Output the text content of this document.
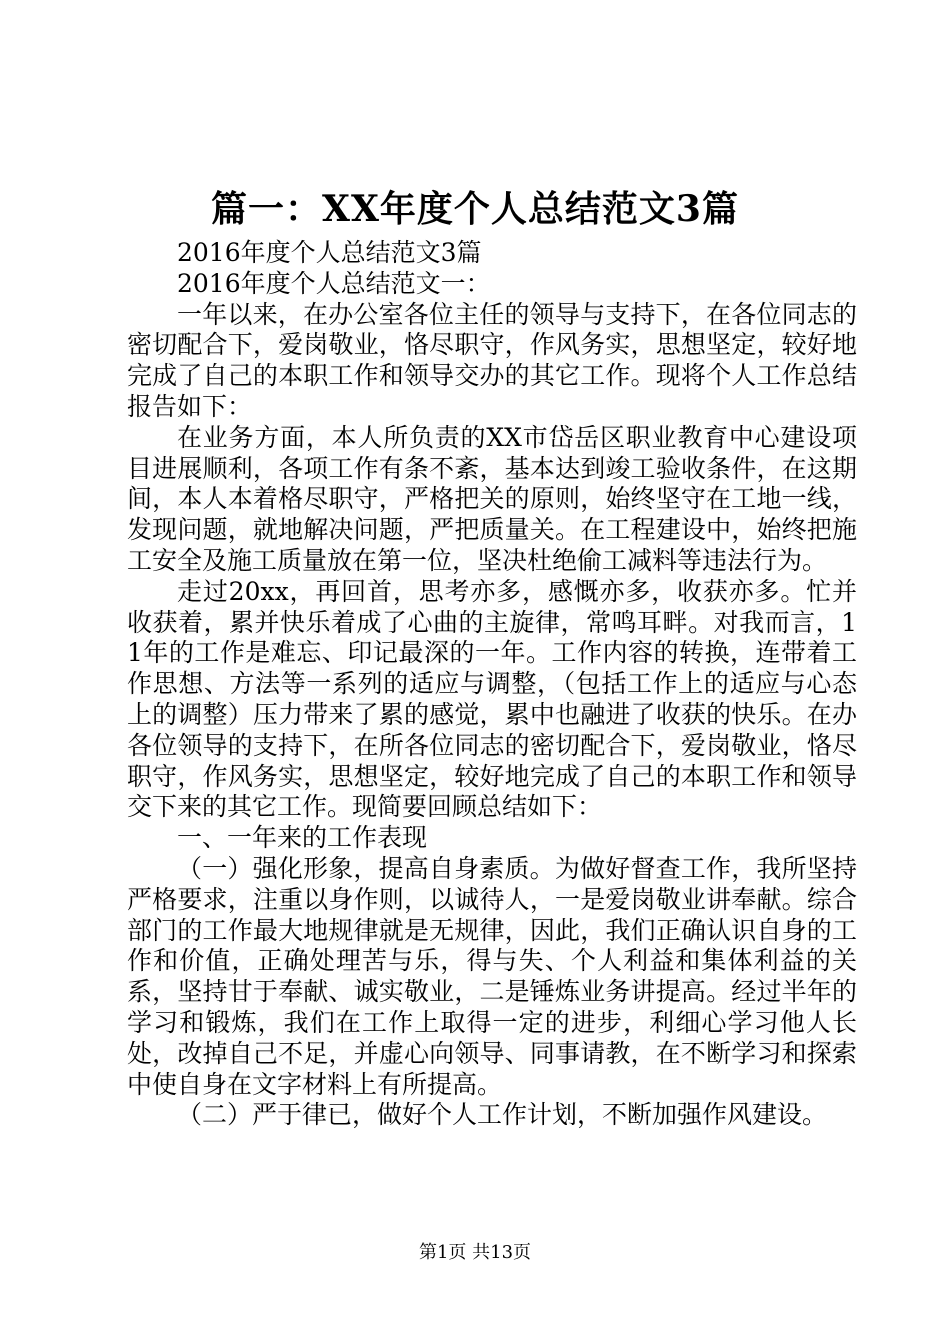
篇一：XX年度个人总结范文3篇

2016年度个人总结范文3篇

2016年度个人总结范文一：

一年以来，在办公室各位主任的领导与支持下，在各位同志的密切配合下，爱岗敬业，恪尽职守，作风务实，思想坚定，较好地完成了自己的本职工作和领导交办的其它工作。现将个人工作总结报告如下：

在业务方面，本人所负责的XX市岱岳区职业教育中心建设项目进展顺利，各项工作有条不紊，基本达到竣工验收条件，在这期间，本人本着格尽职守，严格把关的原则，始终坚守在工地一线，发现问题，就地解决问题，严把质量关。在工程建设中，始终把施工安全及施工质量放在第一位，坚决杜绝偷工减料等违法行为。

走过20xx，再回首，思考亦多，感慨亦多，收获亦多。忙并收获着，累并快乐着成了心曲的主旋律，常鸣耳畔。对我而言，11年的工作是难忘、印记最深的一年。工作内容的转换，连带着工作思想、方法等一系列的适应与调整，（包括工作上的适应与心态上的调整）压力带来了累的感觉，累中也融进了收获的快乐。在办各位领导的支持下，在所各位同志的密切配合下，爱岗敬业，恪尽职守，作风务实，思想坚定，较好地完成了自己的本职工作和领导交下来的其它工作。现简要回顾总结如下：

一、一年来的工作表现

（一）强化形象，提高自身素质。为做好督查工作，我所坚持严格要求，注重以身作则，以诚待人，一是爱岗敬业讲奉献。综合部门的工作最大地规律就是无规律，因此，我们正确认识自身的工作和价值，正确处理苦与乐，得与失、个人利益和集体利益的关系，坚持甘于奉献、诚实敬业，二是锤炼业务讲提高。经过半年的学习和锻炼，我们在工作上取得一定的进步，利细心学习他人长处，改掉自己不足，并虚心向领导、同事请教，在不断学习和探索中使自身在文字材料上有所提高。

（二）严于律已，做好个人工作计划，不断加强作风建设。

第1页 共13页
